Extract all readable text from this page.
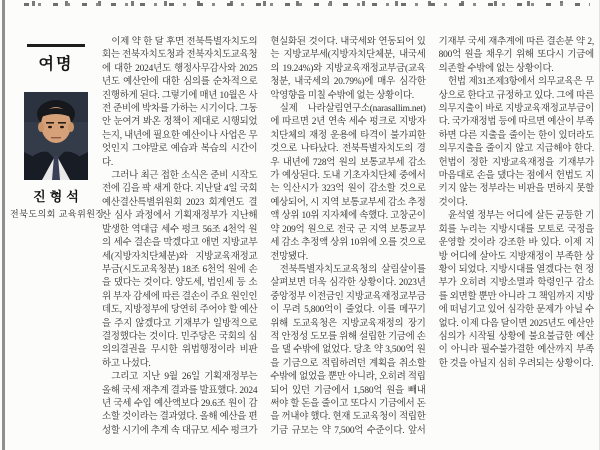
여명
진형석
전북도의회 교육위원장

이제 약 한 달 후면 전북특별자치도의회는 전북자치도청과 전북자치도교육청에 대한 2024년도 행정사무감사와 2025년도 예산안에 대한 심의를 순차적으로 진행하게 된다. 그렇기에 매년 10월은 사전 준비에 박차를 가하는 시기이다. 그동안 눈여겨 봐온 정책이 제대로 시행되었는지, 내년에 필요한 예산이나 사업은 무엇인지 그야말로 예습과 복습의 시간이다.

그러나 최근 접한 소식은 준비 시작도 전에 김을 팍 새게 한다. 지난달 4일 국회 예산결산특별위원회 2023 회계연도 결산 심사 과정에서 기획재정부가 지난해 발생한 역대급 세수 펑크 56조 4천억 원의 세수 결손을 막겠다고 애먼 지방교부세(지방자치단체분)와 지방교육재정교부금(시도교육청분) 18조 6천억 원에 손을 댔다는 것이다. 양도세, 법인세 등 소위 부자 감세에 따른 결손이 주요 원인인데도, 지방정부에 당연히 주어야 할 예산을 주지 않겠다고 기재부가 일방적으로 결정했다는 것이다. 민주당은 국회의 심의의결권을 무시한 위법행정이라 비판하고 나섰다.

그리고 지난 9월 26일 기획재정부는 올해 국세 재추계 결과를 발표했다. 2024년 국세 수입 예산액보다 29.6조 원이 감소할 것이라는 결과였다. 올해 예산을 편성할 시기에 추계 속 대규모 세수 펑크가 현실화된 것이다. 내국세와 연동되어 있는 지방교부세(지방자치단체분, 내국세의 19.24%)와 지방교육재정교부금(교육청분, 내국세의 20.79%)에 매우 심각한 악영향을 미칠 수밖에 없는 상황이다.

실제 나라살림연구소(narasallim.net)에 따르면 2년 연속 세수 펑크로 지방자치단체의 재정 운용에 타격이 불가피한 것으로 나타났다. 전북특별자치도의 경우 내년에 728억 원의 보통교부세 감소가 예상된다. 도내 기초자치단체 중에서는 익산시가 323억 원이 감소할 것으로 예상되어, 시 지역 보통교부세 감소 추정액 상위 10위 지자체에 속했다. 고창군이 약 209억 원으로 전국 군 지역 보통교부세 감소 추정액 상위 10위에 오를 것으로 전망됐다.

전북특별자치도교육청의 살림살이를 살펴보면 더욱 심각한 상황이다. 2023년 중앙정부 이전금인 지방교육재정교부금이 무려 5,800억이 줄었다. 이를 메꾸기 위해 도교육청은 지방교육재정의 장기적 안정성 도모를 위해 설립한 기금에 손을 댈 수밖에 없었다. 당초 약 3,500억 원을 기금으로 적립하려던 계획을 취소할 수밖에 없었을 뿐만 아니라, 오히려 적립되어 있던 기금에서 1,580억 원을 빼내 써야 할 돈을 줄이고 또다시 기금에서 돈을 꺼내야 했다. 현재 도교육청이 적립한 기금 규모는 약 7,500억 수준이다. 앞서 기재부 국세 재추계에 따른 결손분 약 2,800억 원을 채우기 위해 또다시 기금에 의존할 수밖에 없는 상황이다.

헌법 제31조제3항에서 의무교육은 무상으로 한다고 규정하고 있다. 그에 따른 의무지출이 바로 지방교육재정교부금이다. 국가재정법 등에 따르면 예산이 부족하면 다른 지출을 줄이는 한이 있더라도 의무지출을 줄이지 않고 지급해야 한다. 헌법이 정한 지방교육재정을 기재부가 마음대로 손을 댔다는 점에서 헌법도 지키지 않는 정부라는 비판을 면하지 못할 것이다.

윤석열 정부는 어디에 살든 균등한 기회를 누리는 지방시대를 모토로 국정을 운영할 것이라 강조한 바 있다. 이제 지방 어디에 살아도 지방재정이 부족한 상황이 되었다. 지방시대를 열겠다는 현 정부가 오히려 지방소멸과 학령인구 감소를 외면할 뿐만 아니라 그 책임까지 지방에 떠넘기고 있어 심각한 문제가 아닐 수 없다. 이제 다음 달이면 2025년도 예산안 심의가 시작될 상황에 불요불급한 예산이 아니라 필수불가결한 예산까지 부족한 것을 아닐지 심히 우려되는 상황이다.
